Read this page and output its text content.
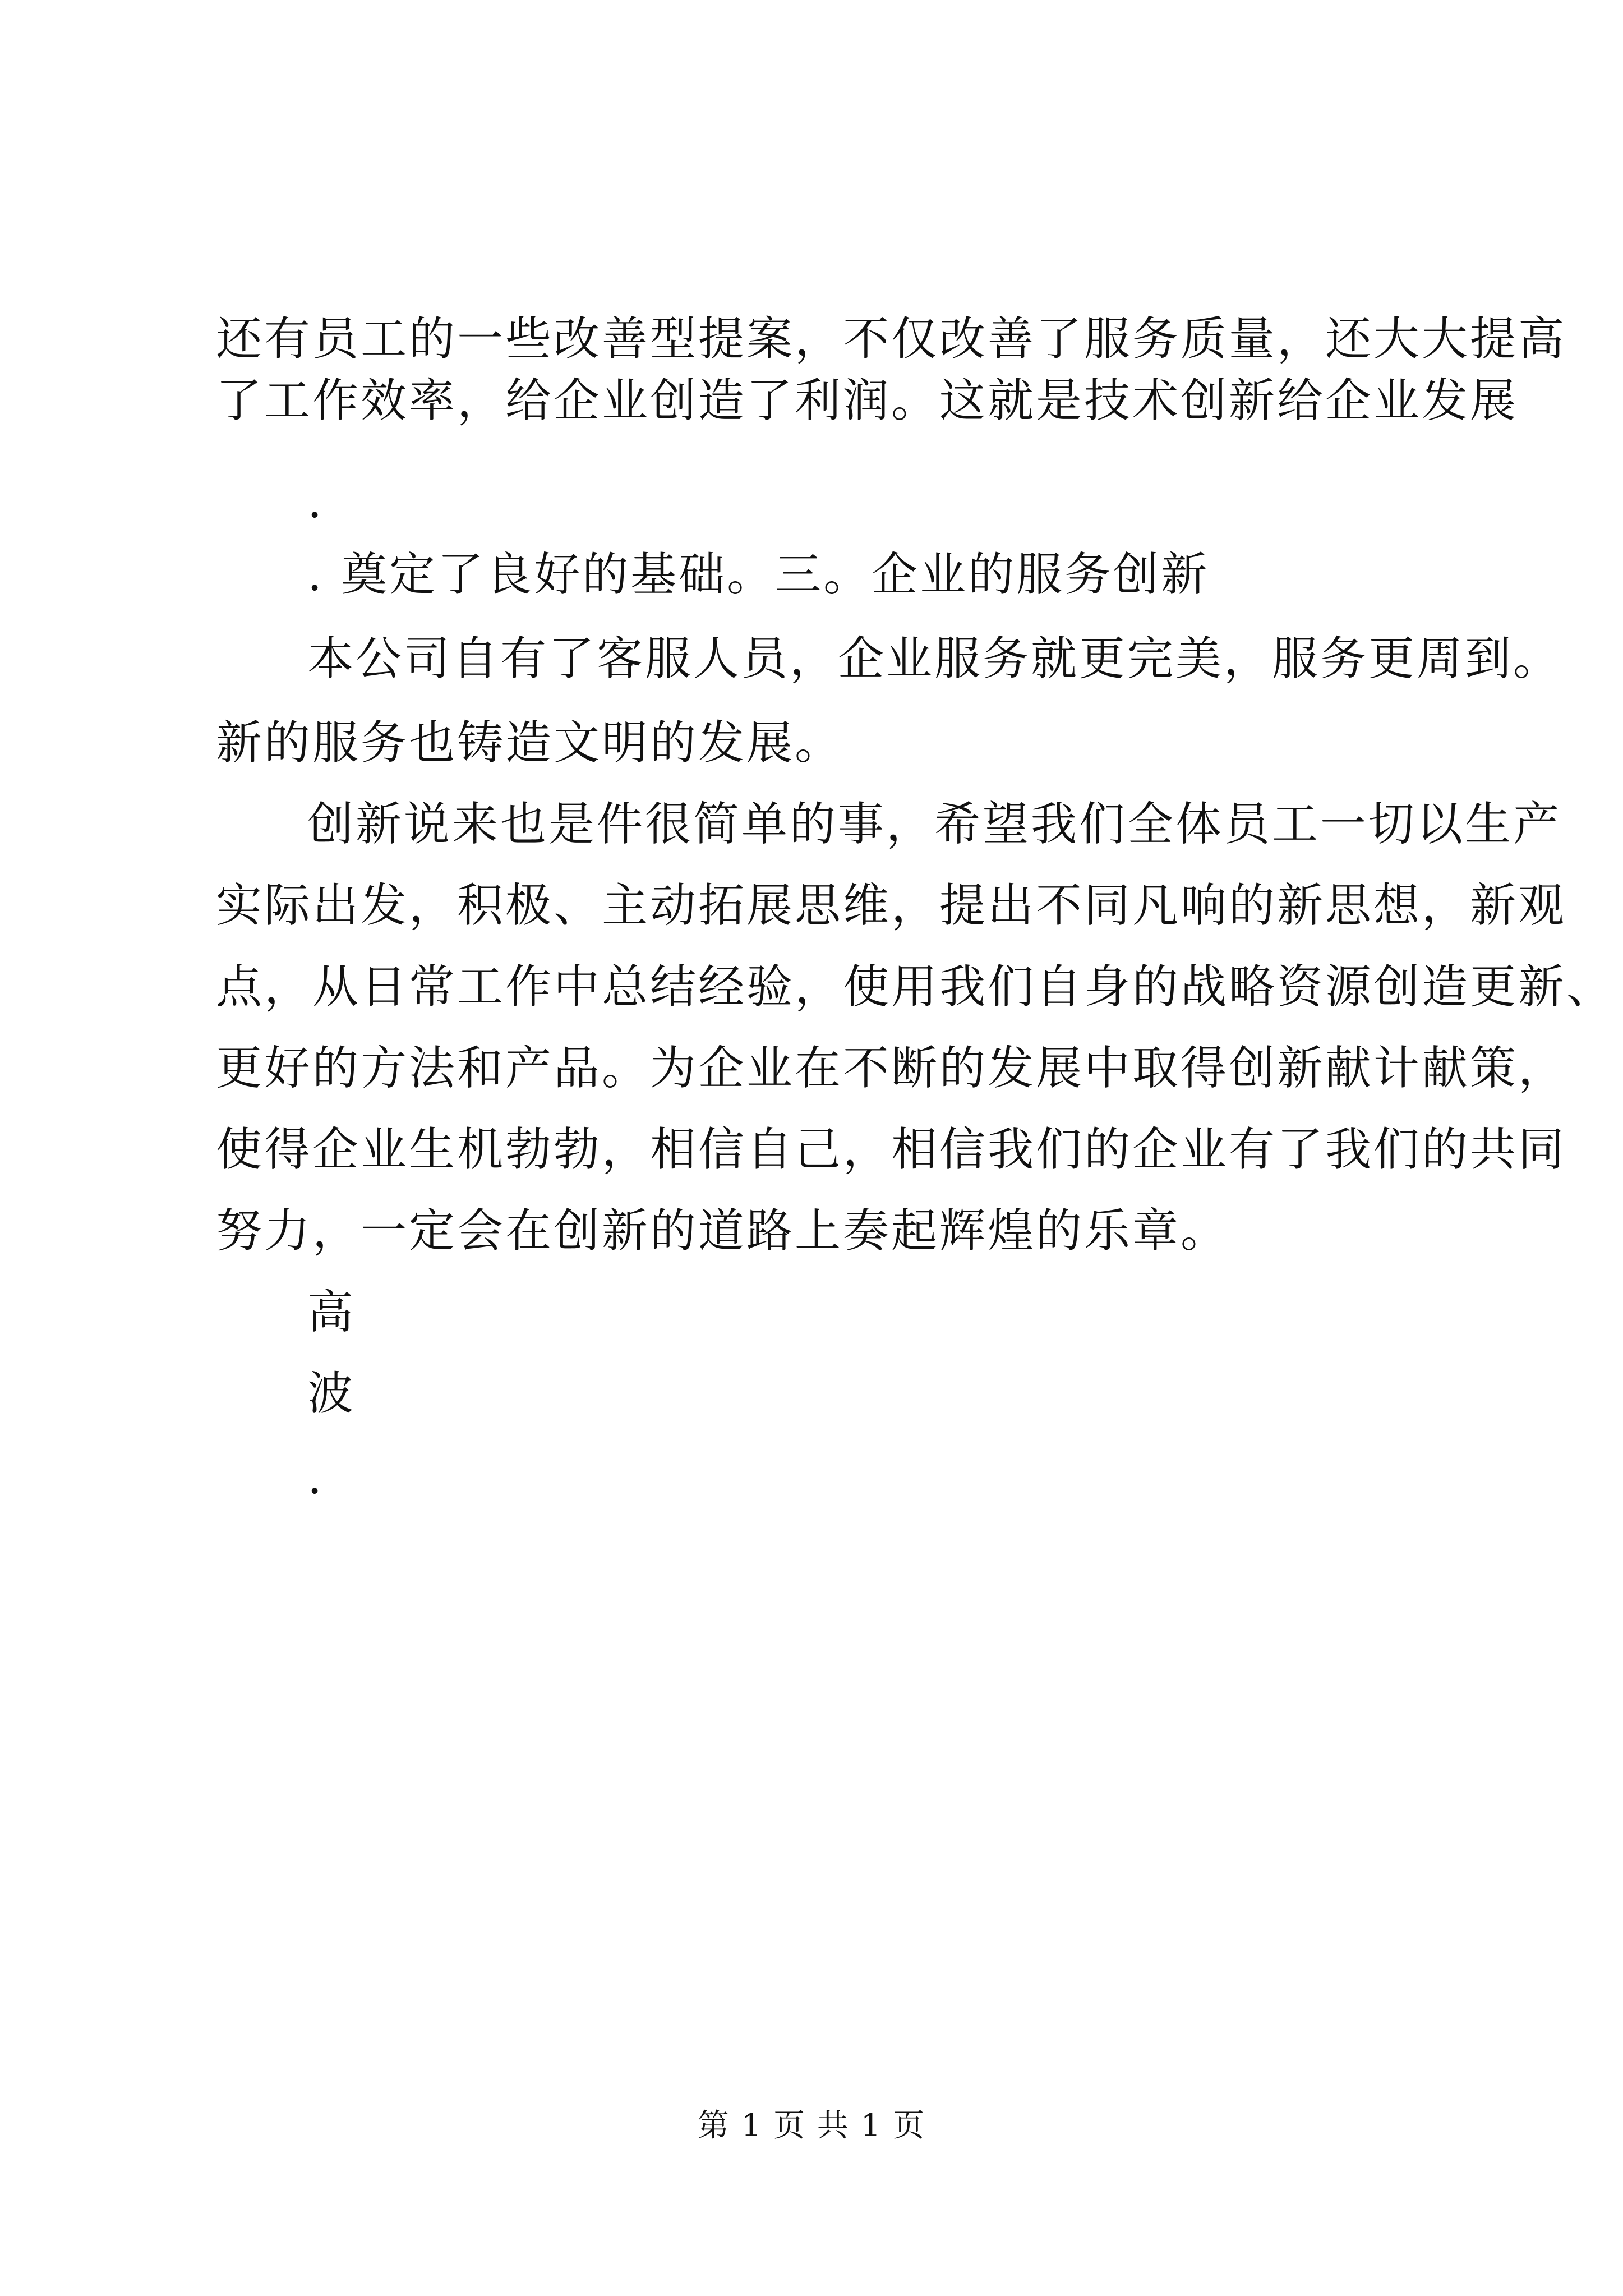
还有员工的一些改善型提案，不仅改善了服务质量，还大大提高
了工作效率，给企业创造了利润。这就是技术创新给企业发展
.
. 奠定了良好的基础。三。企业的服务创新
本公司自有了客服人员，企业服务就更完美，服务更周到。
新的服务也铸造文明的发展。
创新说来也是件很简单的事，希望我们全体员工一切以生产
实际出发，积极、主动拓展思维，提出不同凡响的新思想，新观
点，从日常工作中总结经验，使用我们自身的战略资源创造更新、
更好的方法和产品。为企业在不断的发展中取得创新献计献策，
使得企业生机勃勃，相信自己，相信我们的企业有了我们的共同
努力，一定会在创新的道路上奏起辉煌的乐章。
高
波
.
第 1 页 共 1 页
